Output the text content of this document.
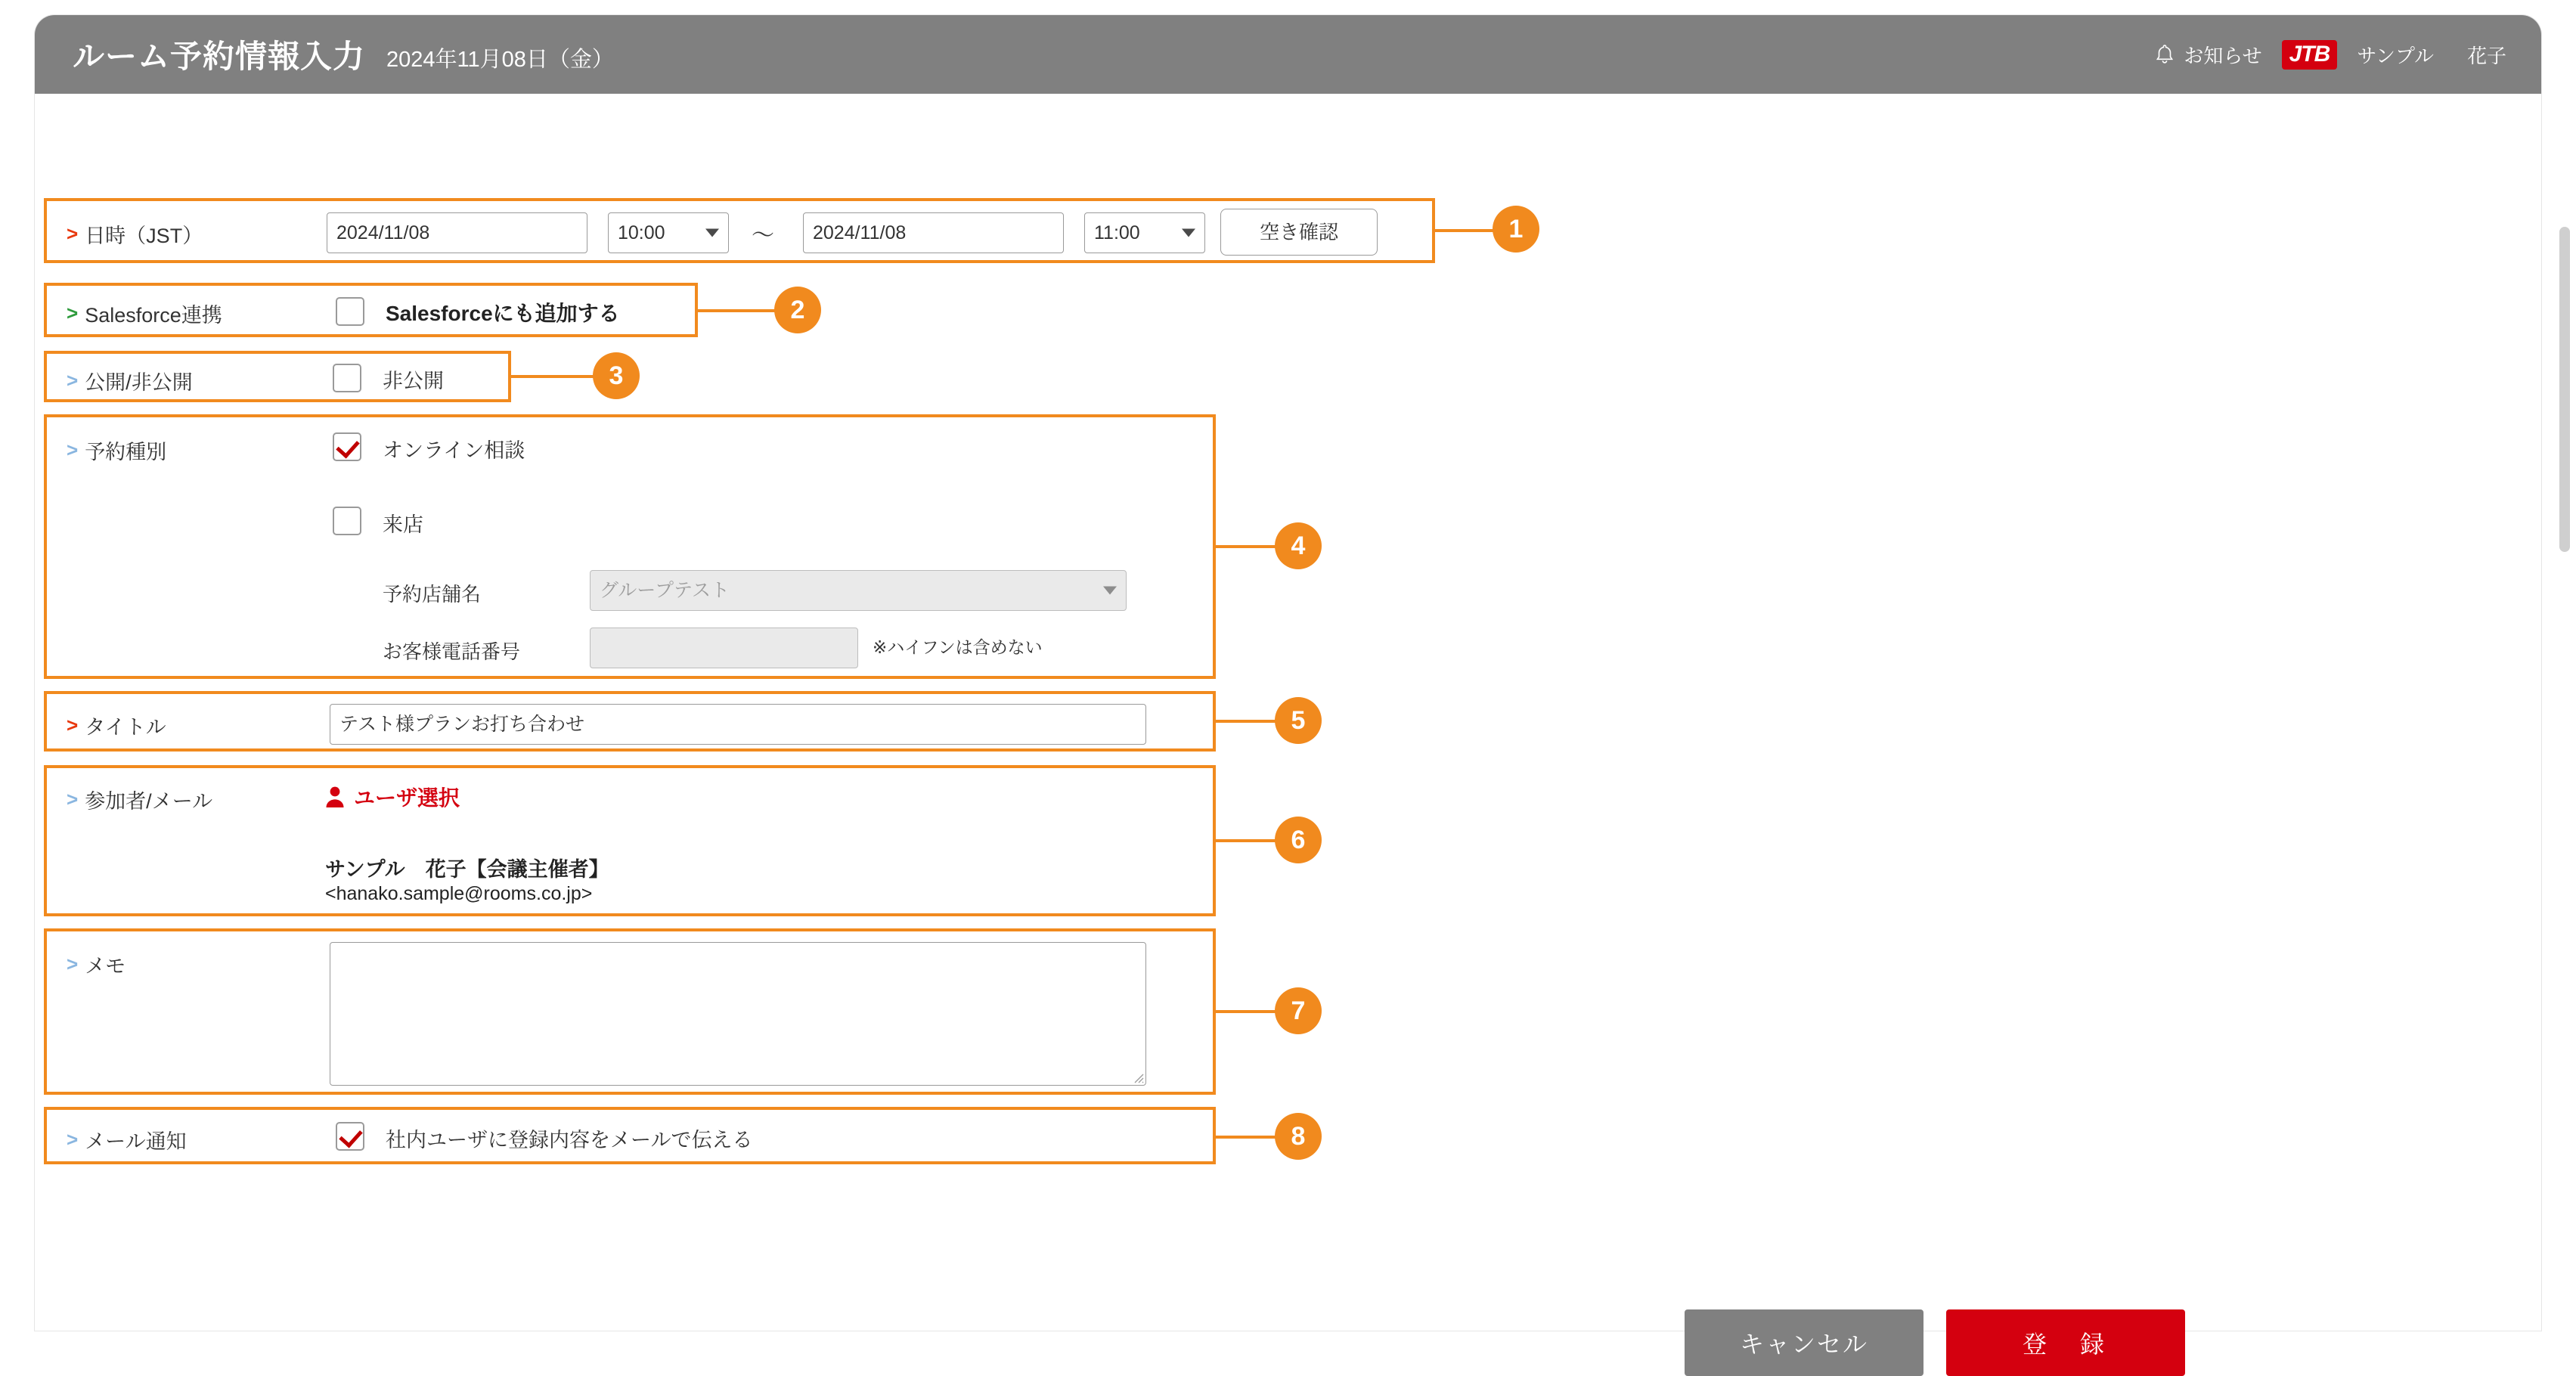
ルーム予約情報入力 2024年11月08日（金）	お知らせ	JTB	サンプル 花子
> 日時（JST）	2024/11/08	10:00	〜	2024/11/08	11:00	空き確認	1
> Salesforce連携	Salesforceにも追加する	2
> 公開/非公開	非公開	3
> 予約種別	オンライン相談
来店
予約店舗名	グループテスト
お客様電話番号	※ハイフンは含めない
4
> タイトル	テスト様プランお打ち合わせ	5
> 参加者/メール	ユーザ選択
サンプル　花子【会議主催者】
<hanako.sample@rooms.co.jp>
6
> メモ
7
> メール通知	社内ユーザに登録内容をメールで伝える	8
キャンセル	登　録
